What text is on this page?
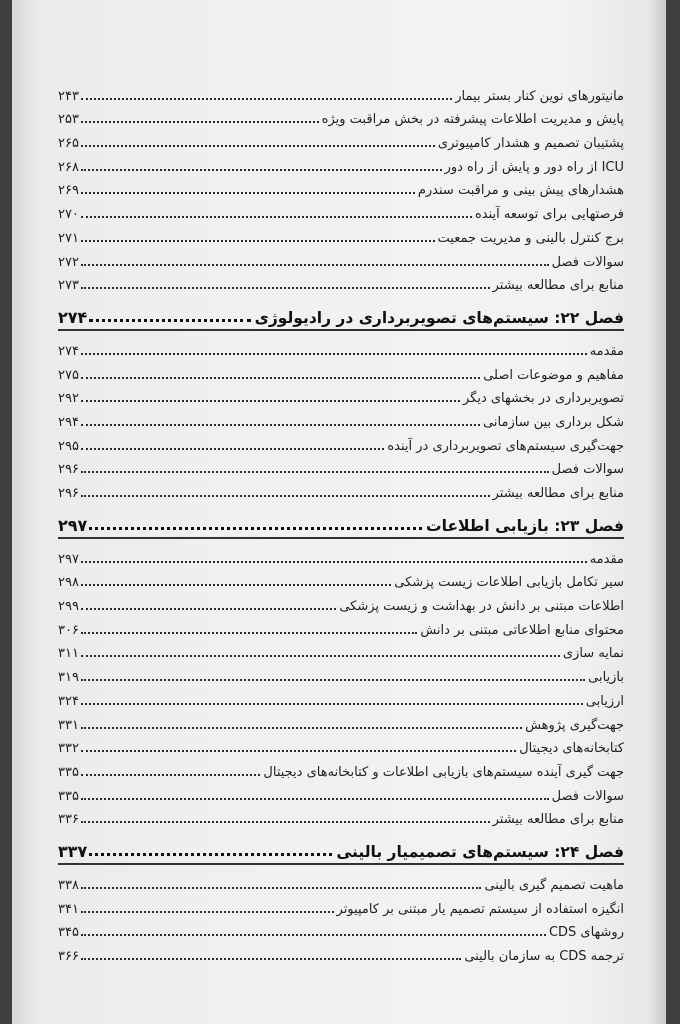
مانیتورهای نوین کنار بستر بیمار
۲۴۳
پایش و مدیریت اطلاعات پیشرفته در بخش مراقبت ویژه
۲۵۳
پشتیبان تصمیم و هشدار کامپیوتری
۲۶۵
ICU از راه دور و پایش از راه دور
۲۶۸
هشدارهای پیش بینی و مراقبت سندرم
۲۶۹
فرصتهایی برای توسعه آینده
۲۷۰
برج کنترل بالینی و مدیریت جمعیت
۲۷۱
سوالات فصل
۲۷۲
منابع برای مطالعه بیشتر
۲۷۳
فصل ۲۲: سیستم‌های تصویربرداری در رادیولوژی
۲۷۴
مقدمه
۲۷۴
مفاهیم و موضوعات اصلی
۲۷۵
تصویربرداری در بخشهای دیگر
۲۹۲
شکل برداری بین سازمانی
۲۹۴
جهت‌گیری سیستم‌های تصویربرداری در آینده
۲۹۵
سوالات فصل
۲۹۶
منابع برای مطالعه بیشتر
۲۹۶
فصل ۲۳: بازیابی اطلاعات
۲۹۷
مقدمه
۲۹۷
سیر تکامل بازیابی اطلاعات زیست پزشکی
۲۹۸
اطلاعات مبتنی بر دانش در بهداشت و زیست پزشکی
۲۹۹
محتوای منابع اطلاعاتی مبتنی بر دانش
۳۰۶
نمایه سازی
۳۱۱
بازیابی
۳۱۹
ارزیابی
۳۲۴
جهت‌گیری پژوهش
۳۳۱
کتابخانه‌های دیجیتال
۳۳۲
جهت گیری آینده سیستم‌های بازیابی اطلاعات و کتابخانه‌های دیجیتال
۳۳۵
سوالات فصل
۳۳۵
منابع برای مطالعه بیشتر
۳۳۶
فصل ۲۴: سیستم‌های تصمیمیار بالینی
۳۳۷
ماهیت تصمیم گیری بالینی
۳۳۸
انگیزه استفاده از سیستم تصمیم یار مبتنی بر کامپیوتر
۳۴۱
روشهای CDS
۳۴۵
ترجمه CDS به سازمان بالینی
۳۶۶
